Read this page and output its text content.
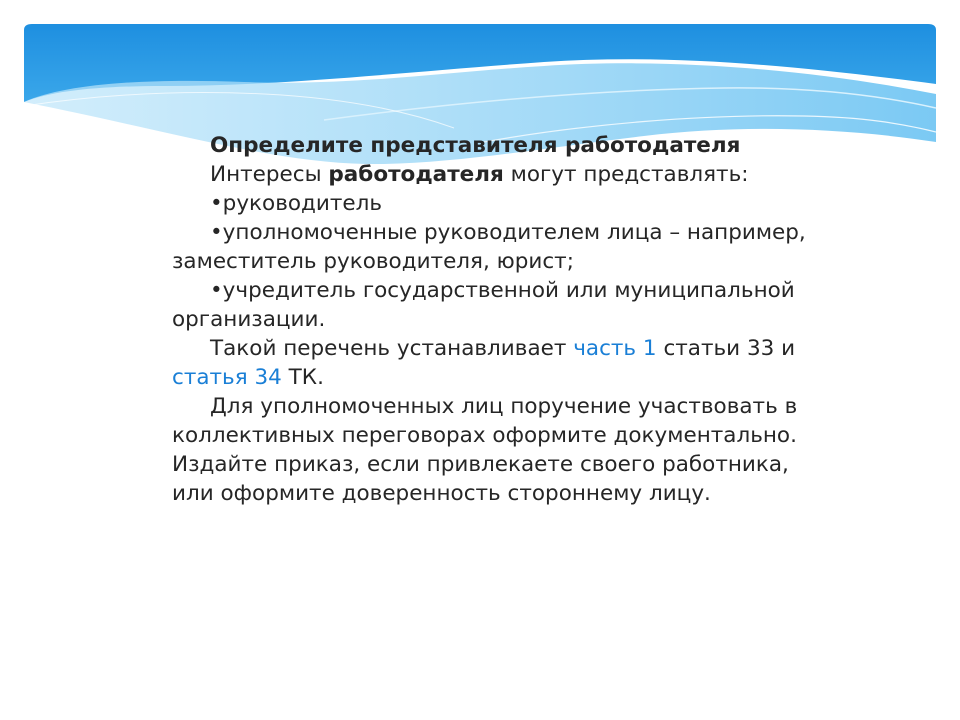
Определите представителя работодателя

Интересы работодателя могут представлять:

•руководитель

•уполномоченные руководителем лица – например, заместитель руководителя, юрист;

•учредитель государственной или муниципальной организации.

Такой перечень устанавливает часть 1 статьи 33 и статья 34 ТК.

Для уполномоченных лиц поручение участвовать в коллективных переговорах оформите документально. Издайте приказ, если привлекаете своего работника, или оформите доверенность стороннему лицу.
